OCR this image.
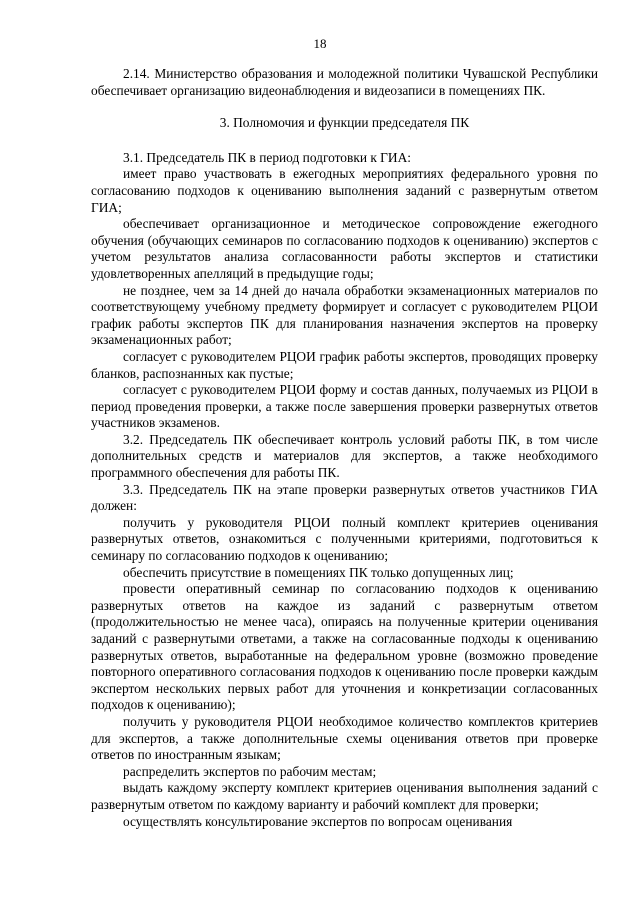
18

2.14. Министерство образования и молодежной политики Чувашской Республики обеспечивает организацию видеонаблюдения и видеозаписи в помещениях ПК.

3. Полномочия и функции председателя ПК

3.1. Председатель ПК в период подготовки к ГИА:

имеет право участвовать в ежегодных мероприятиях федерального уровня по согласованию подходов к оцениванию выполнения заданий с развернутым ответом ГИА;

обеспечивает организационное и методическое сопровождение ежегодного обучения (обучающих семинаров по согласованию подходов к оцениванию) экспертов с учетом результатов анализа согласованности работы экспертов и статистики удовлетворенных апелляций в предыдущие годы;

не позднее, чем за 14 дней до начала обработки экзаменационных материалов по соответствующему учебному предмету формирует и согласует с руководителем РЦОИ график работы экспертов ПК для планирования назначения экспертов на проверку экзаменационных работ;

согласует с руководителем РЦОИ график работы экспертов, проводящих проверку бланков, распознанных как пустые;

согласует с руководителем РЦОИ форму и состав данных, получаемых из РЦОИ в период проведения проверки, а также после завершения проверки развернутых ответов участников экзаменов.

3.2. Председатель ПК обеспечивает контроль условий работы ПК, в том числе дополнительных средств и материалов для экспертов, а также необходимого программного обеспечения для работы ПК.

3.3. Председатель ПК на этапе проверки развернутых ответов участников ГИА должен:

получить у руководителя РЦОИ полный комплект критериев оценивания развернутых ответов, ознакомиться с полученными критериями, подготовиться к семинару по согласованию подходов к оцениванию;

обеспечить присутствие в помещениях ПК только допущенных лиц;

провести оперативный семинар по согласованию подходов к оцениванию развернутых ответов на каждое из заданий с развернутым ответом (продолжительностью не менее часа), опираясь на полученные критерии оценивания заданий с развернутыми ответами, а также на согласованные подходы к оцениванию развернутых ответов, выработанные на федеральном уровне (возможно проведение повторного оперативного согласования подходов к оцениванию после проверки каждым экспертом нескольких первых работ для уточнения и конкретизации согласованных подходов к оцениванию);

получить у руководителя РЦОИ необходимое количество комплектов критериев для экспертов, а также дополнительные схемы оценивания ответов при проверке ответов по иностранным языкам;

распределить экспертов по рабочим местам;

выдать каждому эксперту комплект критериев оценивания выполнения заданий с развернутым ответом по каждому варианту и рабочий комплект для проверки;

осуществлять консультирование экспертов по вопросам оценивания
